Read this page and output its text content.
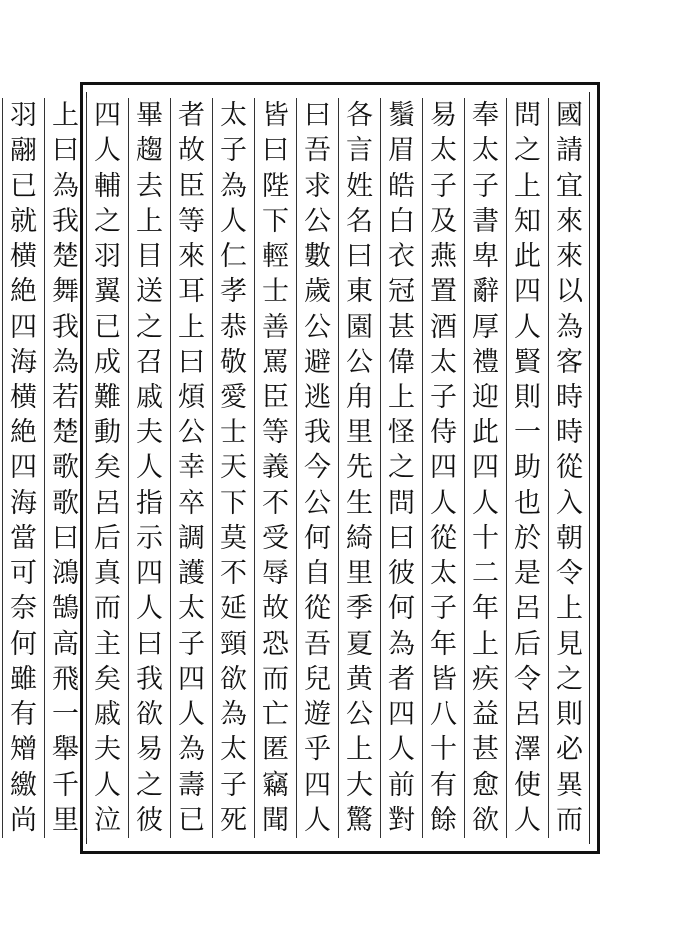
國
請
宜
來
來
以
為
客
時
時
從
入
朝
令
上
見
之
則
必
異
而
問
之
上
知
此
四
人
賢
則
一
助
也
於
是
呂
后
令
呂
澤
使
人
奉
太
子
書
卑
辭
厚
禮
迎
此
四
人
十
二
年
上
疾
益
甚
愈
欲
易
太
子
及
燕
置
酒
太
子
侍
四
人
從
太
子
年
皆
八
十
有
餘
鬚
眉
皓
白
衣
冠
甚
偉
上
怪
之
問
曰
彼
何
為
者
四
人
前
對
各
言
姓
名
曰
東
園
公
甪
里
先
生
綺
里
季
夏
黄
公
上
大
驚
曰
吾
求
公
數
歲
公
避
逃
我
今
公
何
自
從
吾
兒
遊
乎
四
人
皆
曰
陛
下
輕
士
善
罵
臣
等
義
不
受
辱
故
恐
而
亡
匿
竊
聞
太
子
為
人
仁
孝
恭
敬
愛
士
天
下
莫
不
延
頸
欲
為
太
子
死
者
故
臣
等
來
耳
上
曰
煩
公
幸
卒
調
護
太
子
四
人
為
壽
已
畢
趨
去
上
目
送
之
召
戚
夫
人
指
示
四
人
曰
我
欲
易
之
彼
四
人
輔
之
羽
翼
已
成
難
動
矣
呂
后
真
而
主
矣
戚
夫
人
泣
上
曰
為
我
楚
舞
我
為
若
楚
歌
歌
曰
鴻
鵠
高
飛
一
舉
千
里
羽
翮
已
就
横
絶
四
海
横
絶
四
海
當
可
奈
何
雖
有
矰
繳
尚
